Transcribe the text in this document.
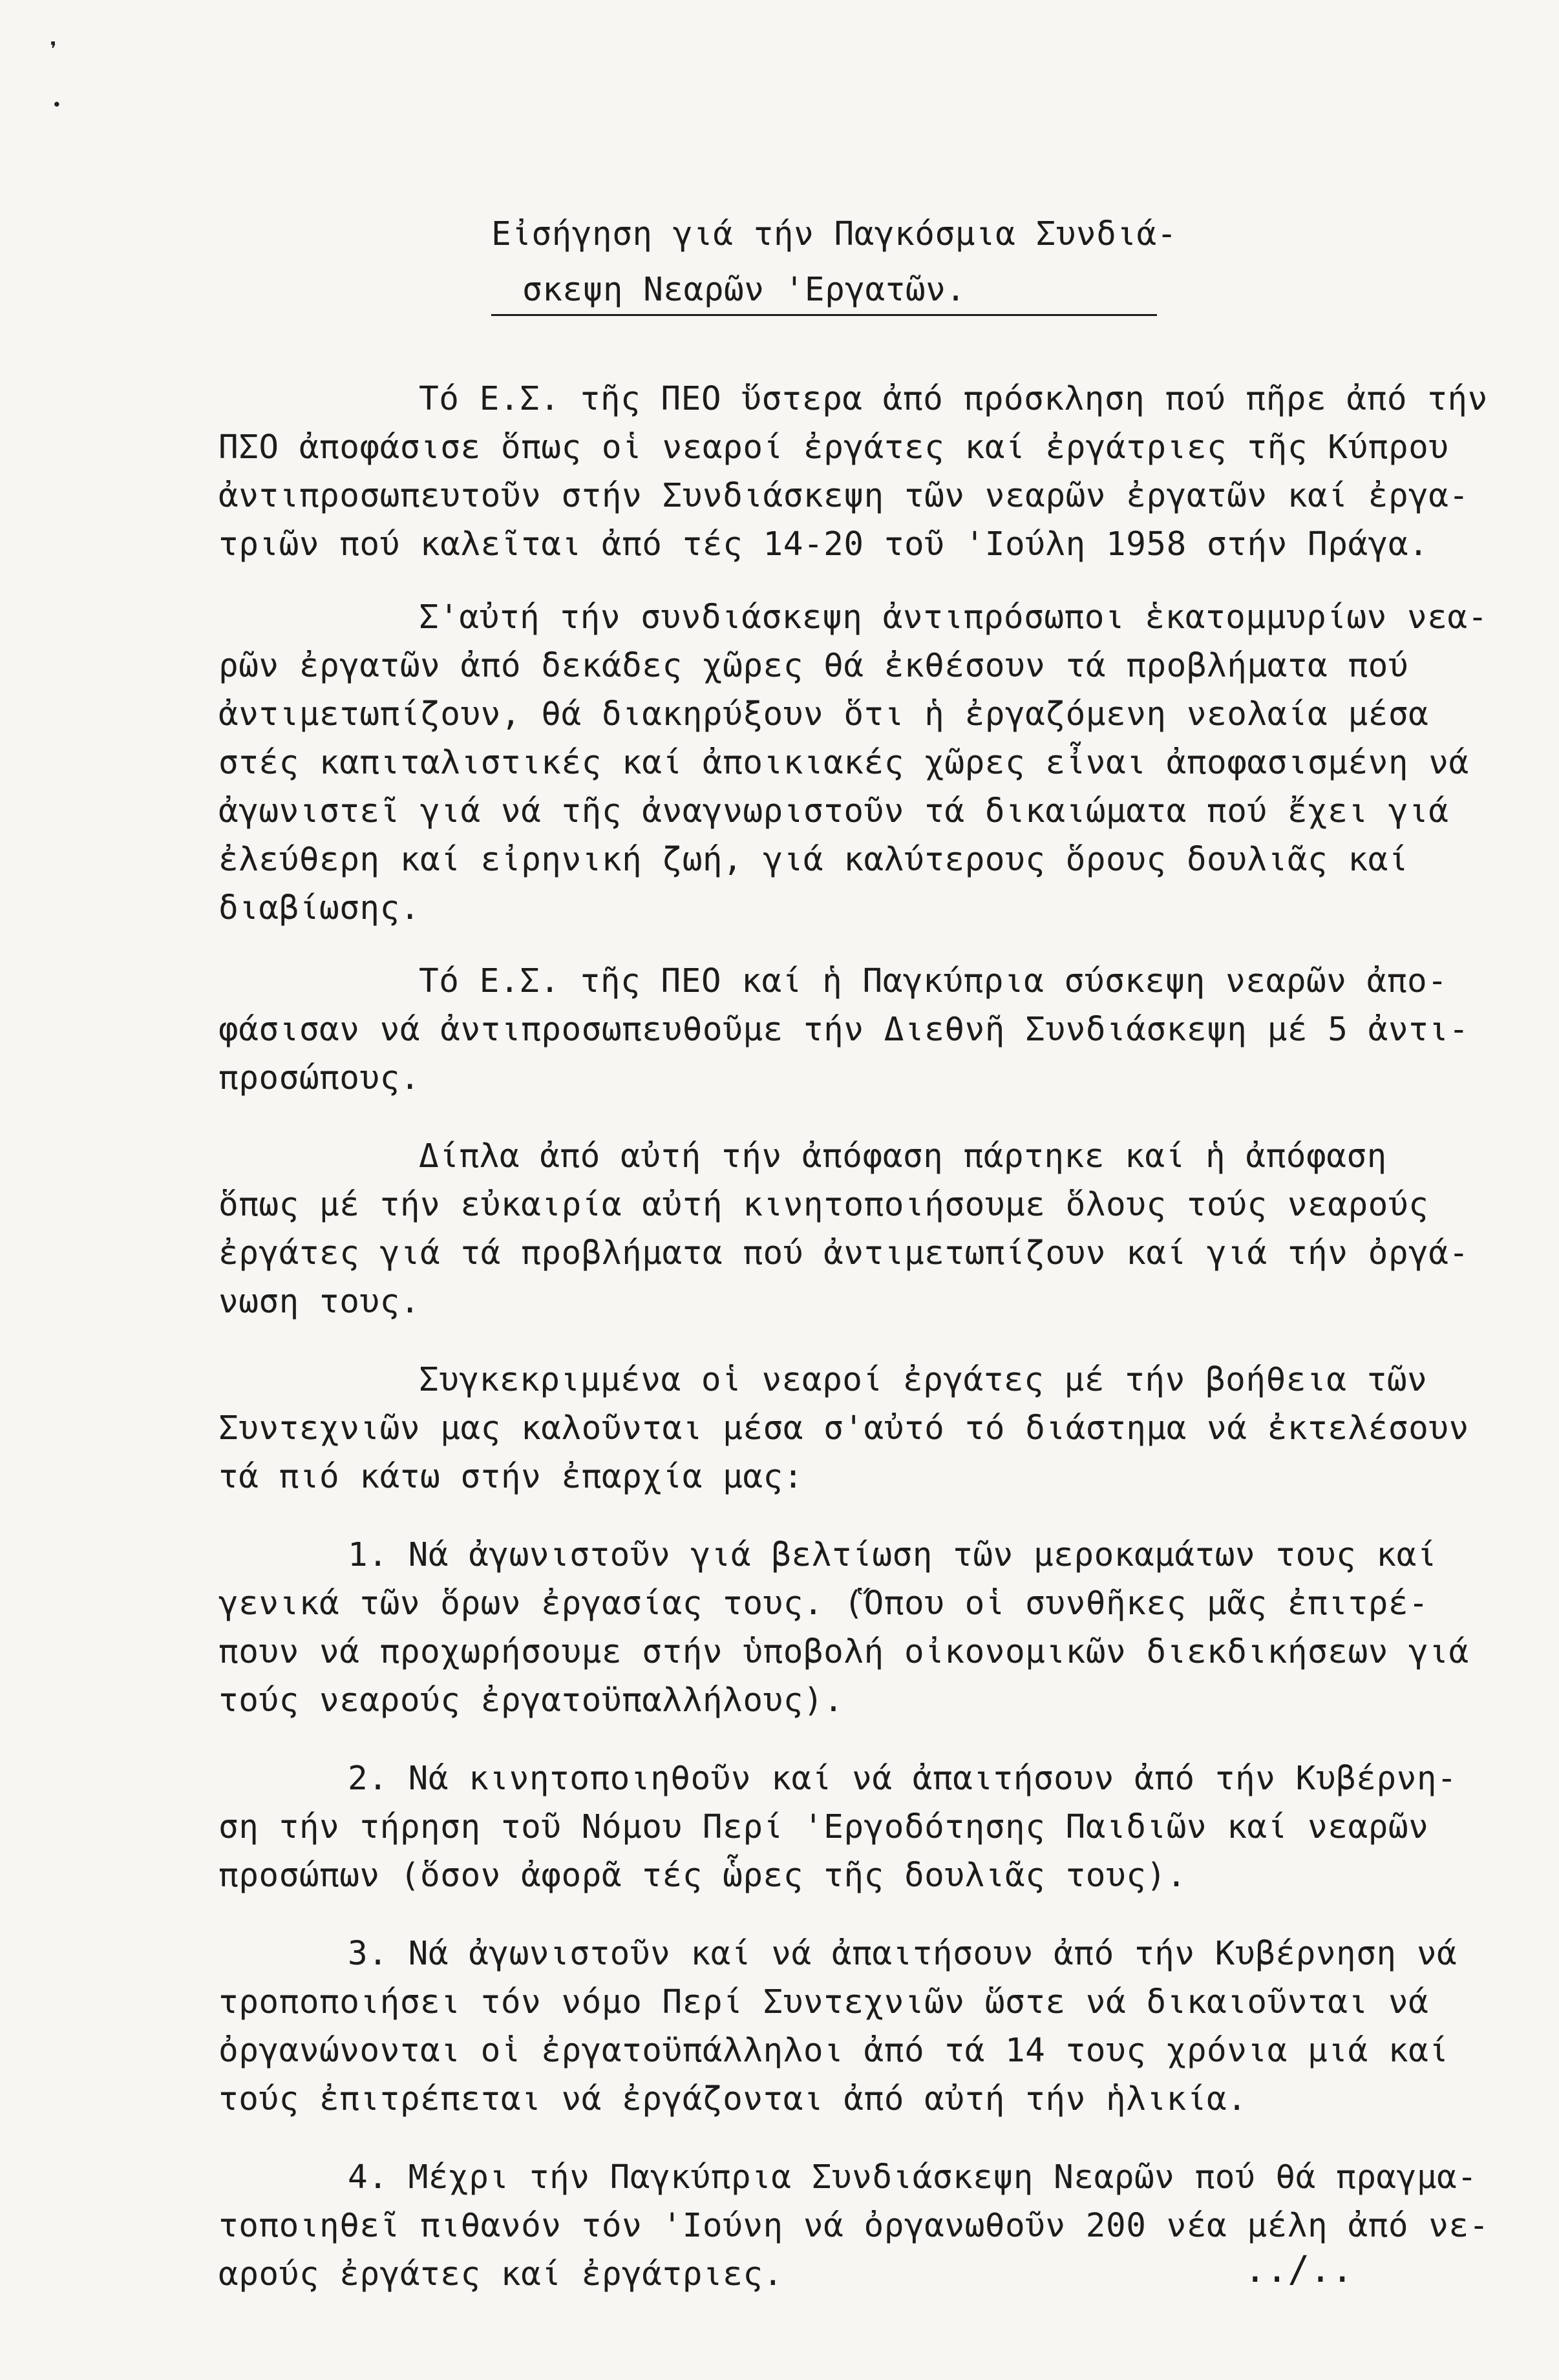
❜
•
Εἰσήγηση γιά τήν Παγκόσμια Συνδιά-
σκεψη Νεαρῶν 'Εργατῶν.
Τό Ε.Σ. τῆς ΠΕΟ ὕστερα ἀπό πρόσκληση πού πῆρε ἀπό τήν
ΠΣΟ ἀποφάσισε ὅπως οἱ νεαροί ἐργάτες καί ἐργάτριες τῆς Κύπρου
ἀντιπροσωπευτοῦν στήν Συνδιάσκεψη τῶν νεαρῶν ἐργατῶν καί ἐργα-
τριῶν πού καλεῖται ἀπό τές 14-20 τοῦ 'Ιούλη 1958 στήν Πράγα.
Σ'αὐτή τήν συνδιάσκεψη ἀντιπρόσωποι ἑκατομμυρίων νεα-
ρῶν ἐργατῶν ἀπό δεκάδες χῶρες θά ἐκθέσουν τά προβλήματα πού
ἀντιμετωπίζουν, θά διακηρύξουν ὅτι ἡ ἐργαζόμενη νεολαία μέσα
στές καπιταλιστικές καί ἀποικιακές χῶρες εἶναι ἀποφασισμένη νά
ἀγωνιστεῖ γιά νά τῆς ἀναγνωριστοῦν τά δικαιώματα πού ἔχει γιά
ἐλεύθερη καί εἰρηνική ζωή, γιά καλύτερους ὅρους δουλιᾶς καί
διαβίωσης.
Τό Ε.Σ. τῆς ΠΕΟ καί ἡ Παγκύπρια σύσκεψη νεαρῶν ἀπο-
φάσισαν νά ἀντιπροσωπευθοῦμε τήν Διεθνῆ Συνδιάσκεψη μέ 5 ἀντι-
προσώπους.
Δίπλα ἀπό αὐτή τήν ἀπόφαση πάρτηκε καί ἡ ἀπόφαση
ὅπως μέ τήν εὐκαιρία αὐτή κινητοποιήσουμε ὅλους τούς νεαρούς
ἐργάτες γιά τά προβλήματα πού ἀντιμετωπίζουν καί γιά τήν ὀργά-
νωση τους.
Συγκεκριμμένα οἱ νεαροί ἐργάτες μέ τήν βοήθεια τῶν
Συντεχνιῶν μας καλοῦνται μέσα σ'αὐτό τό διάστημα νά ἐκτελέσουν
τά πιό κάτω στήν ἐπαρχία μας:
1. Νά ἀγωνιστοῦν γιά βελτίωση τῶν μεροκαμάτων τους καί
γενικά τῶν ὅρων ἐργασίας τους. (Ὅπου οἱ συνθῆκες μᾶς ἐπιτρέ-
πουν νά προχωρήσουμε στήν ὑποβολή οἰκονομικῶν διεκδικήσεων γιά
τούς νεαρούς ἐργατοϋπαλλήλους).
2. Νά κινητοποιηθοῦν καί νά ἀπαιτήσουν ἀπό τήν Κυβέρνη-
ση τήν τήρηση τοῦ Νόμου Περί 'Εργοδότησης Παιδιῶν καί νεαρῶν
προσώπων (ὅσον ἀφορᾶ τές ὧρες τῆς δουλιᾶς τους).
3. Νά ἀγωνιστοῦν καί νά ἀπαιτήσουν ἀπό τήν Κυβέρνηση νά
τροποποιήσει τόν νόμο Περί Συντεχνιῶν ὥστε νά δικαιοῦνται νά
ὀργανώνονται οἱ ἐργατοϋπάλληλοι ἀπό τά 14 τους χρόνια μιά καί
τούς ἐπιτρέπεται νά ἐργάζονται ἀπό αὐτή τήν ἡλικία.
4. Μέχρι τήν Παγκύπρια Συνδιάσκεψη Νεαρῶν πού θά πραγμα-
τοποιηθεῖ πιθανόν τόν 'Ιούνη νά ὀργανωθοῦν 200 νέα μέλη ἀπό νε-
αρούς ἐργάτες καί ἐργάτριες.	../..
